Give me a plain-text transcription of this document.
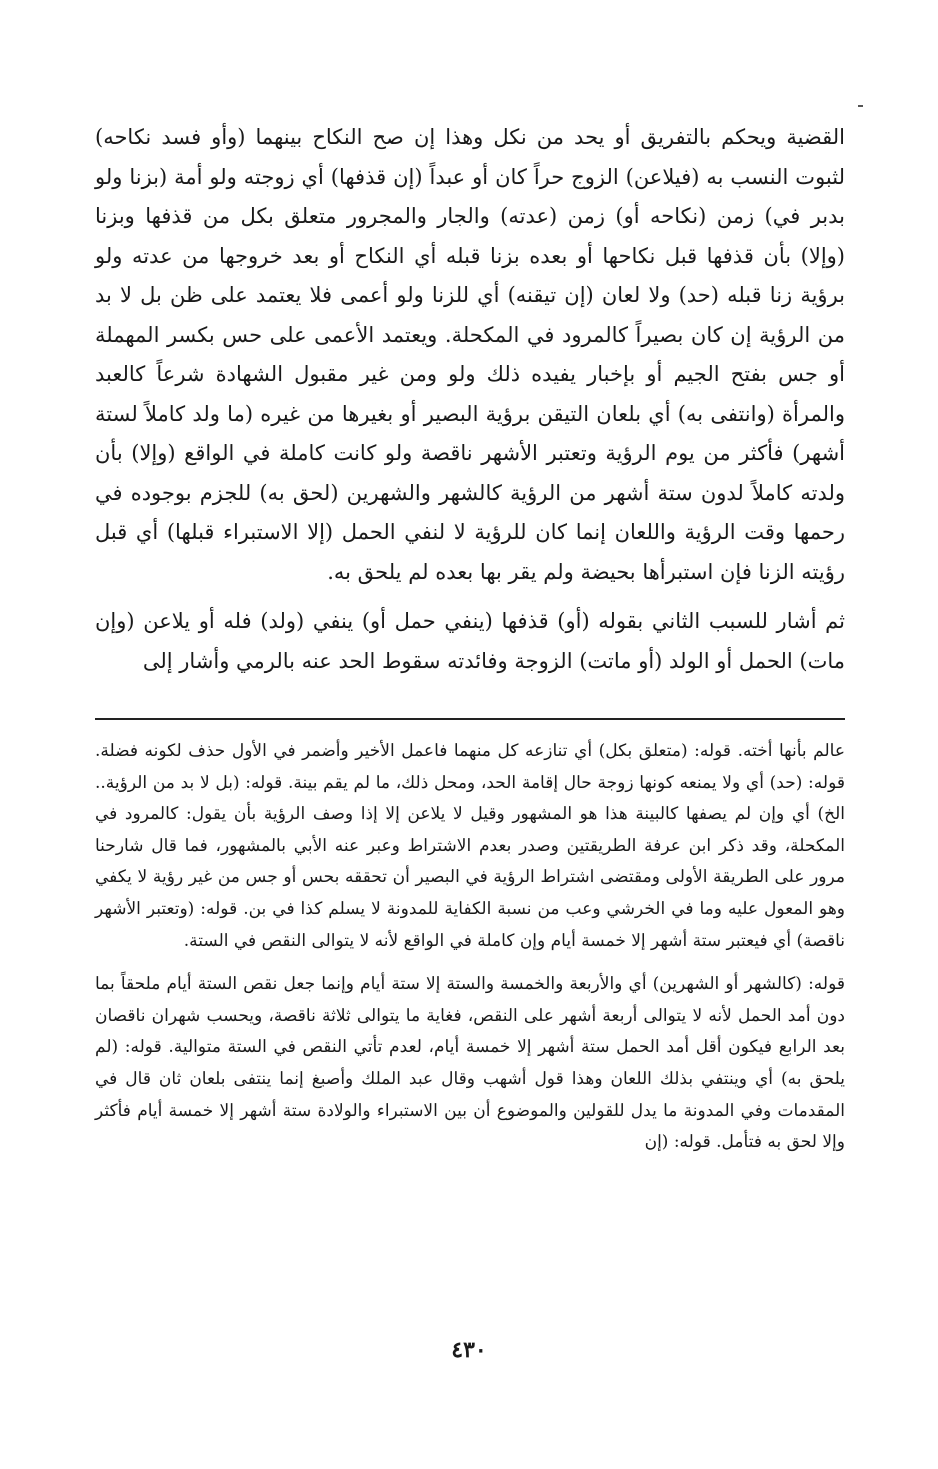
القضية ويحكم بالتفريق أو يحد من نكل وهذا إن صح النكاح بينهما (وأو فسد نكاحه) لثبوت النسب به (فيلاعن) الزوج حراً كان أو عبداً (إن قذفها) أي زوجته ولو أمة (بزنا ولو بدبر في) زمن (نكاحه أو) زمن (عدته) والجار والمجرور متعلق بكل من قذفها وبزنا (وإلا) بأن قذفها قبل نكاحها أو بعده بزنا قبله أي النكاح أو بعد خروجها من عدته ولو برؤية زنا قبله (حد) ولا لعان (إن تيقنه) أي للزنا ولو أعمى فلا يعتمد على ظن بل لا بد من الرؤية إن كان بصيراً كالمرود في المكحلة. ويعتمد الأعمى على حس بكسر المهملة أو جس بفتح الجيم أو بإخبار يفيده ذلك ولو ومن غير مقبول الشهادة شرعاً كالعبد والمرأة (وانتفى به) أي بلعان التيقن برؤية البصير أو بغيرها من غيره (ما ولد كاملاً لستة أشهر) فأكثر من يوم الرؤية وتعتبر الأشهر ناقصة ولو كانت كاملة في الواقع (وإلا) بأن ولدته كاملاً لدون ستة أشهر من الرؤية كالشهر والشهرين (لحق به) للجزم بوجوده في رحمها وقت الرؤية واللعان إنما كان للرؤية لا لنفي الحمل (إلا الاستبراء قبلها) أي قبل رؤيته الزنا فإن استبرأها بحيضة ولم يقر بها بعده لم يلحق به.

ثم أشار للسبب الثاني بقوله (أو) قذفها (ينفي حمل أو) ينفي (ولد) فله أو يلاعن (وإن مات) الحمل أو الولد (أو ماتت) الزوجة وفائدته سقوط الحد عنه بالرمي وأشار إلى

عالم بأنها أخته. قوله: (متعلق بكل) أي تنازعه كل منهما فاعمل الأخير وأضمر في الأول حذف لكونه فضلة. قوله: (حد) أي ولا يمنعه كونها زوجة حال إقامة الحد، ومحل ذلك، ما لم يقم بينة. قوله: (بل لا بد من الرؤية.. الخ) أي وإن لم يصفها كالبينة هذا هو المشهور وقيل لا يلاعن إلا إذا وصف الرؤية بأن يقول: كالمرود في المكحلة، وقد ذكر ابن عرفة الطريقتين وصدر بعدم الاشتراط وعبر عنه الأبي بالمشهور، فما قال شارحنا مرور على الطريقة الأولى ومقتضى اشتراط الرؤية في البصير أن تحققه بحس أو جس من غير رؤية لا يكفي وهو المعول عليه وما في الخرشي وعب من نسبة الكفاية للمدونة لا يسلم كذا في بن. قوله: (وتعتبر الأشهر ناقصة) أي فيعتبر ستة أشهر إلا خمسة أيام وإن كاملة في الواقع لأنه لا يتوالى النقص في الستة.

قوله: (كالشهر أو الشهرين) أي والأربعة والخمسة والستة إلا ستة أيام وإنما جعل نقص الستة أيام ملحقاً بما دون أمد الحمل لأنه لا يتوالى أربعة أشهر على النقص، فغاية ما يتوالى ثلاثة ناقصة، ويحسب شهران ناقصان بعد الرابع فيكون أقل أمد الحمل ستة أشهر إلا خمسة أيام، لعدم تأتي النقص في الستة متوالية. قوله: (لم يلحق به) أي وينتفي بذلك اللعان وهذا قول أشهب وقال عبد الملك وأصبغ إنما ينتفى بلعان ثان قال في المقدمات وفي المدونة ما يدل للقولين والموضوع أن بين الاستبراء والولادة ستة أشهر إلا خمسة أيام فأكثر وإلا لحق به فتأمل. قوله: (إن

٤٣٠
